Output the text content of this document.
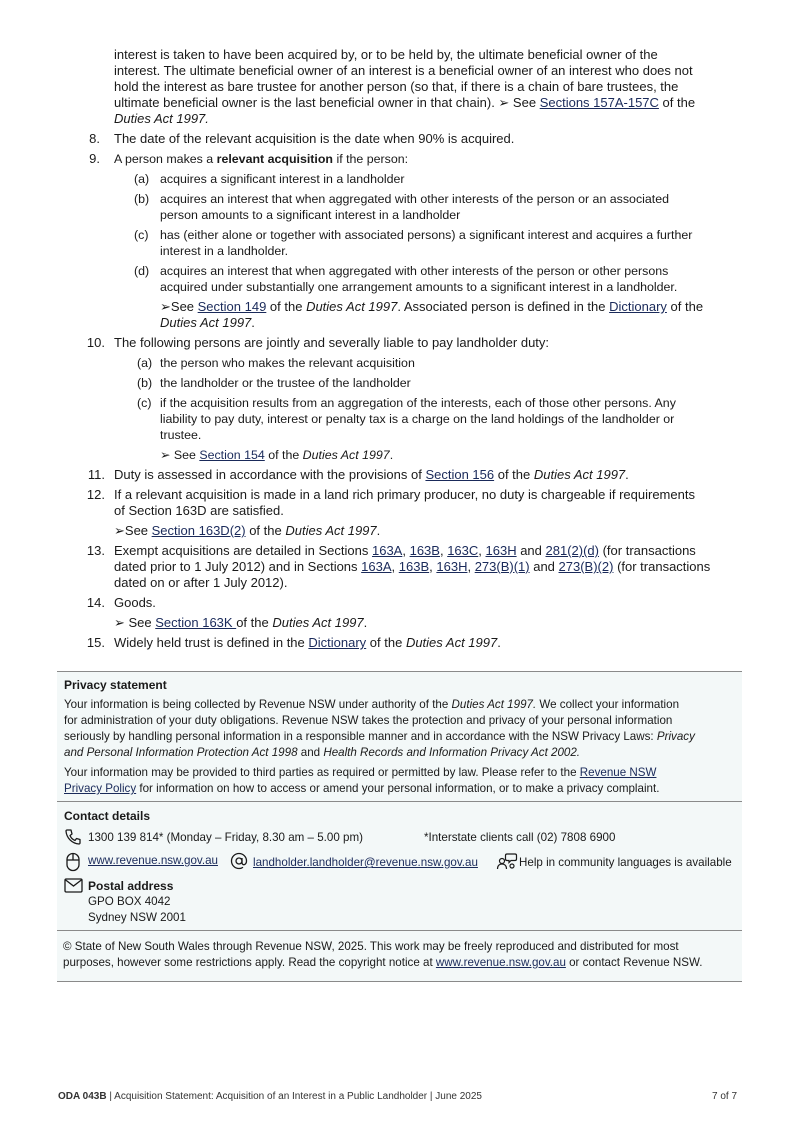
interest is taken to have been acquired by, or to be held by, the ultimate beneficial owner of the
interest. The ultimate beneficial owner of an interest is a beneficial owner of an interest who does not
hold the interest as bare trustee for another person (so that, if there is a chain of bare trustees, the
ultimate beneficial owner is the last beneficial owner in that chain). ➢ See Sections 157A-157C of the
Duties Act 1997.
8. The date of the relevant acquisition is the date when 90% is acquired.
9. A person makes a relevant acquisition if the person:
(a) acquires a significant interest in a landholder
(b) acquires an interest that when aggregated with other interests of the person or an associated
person amounts to a significant interest in a landholder
(c) has (either alone or together with associated persons) a significant interest and acquires a further
interest in a landholder.
(d) acquires an interest that when aggregated with other interests of the person or other persons
acquired under substantially one arrangement amounts to a significant interest in a landholder.
➢See Section 149 of the Duties Act 1997. Associated person is defined in the Dictionary of the
Duties Act 1997.
10. The following persons are jointly and severally liable to pay landholder duty:
(a) the person who makes the relevant acquisition
(b) the landholder or the trustee of the landholder
(c) if the acquisition results from an aggregation of the interests, each of those other persons. Any
liability to pay duty, interest or penalty tax is a charge on the land holdings of the landholder or
trustee.
➢ See Section 154 of the Duties Act 1997.
11. Duty is assessed in accordance with the provisions of Section 156 of the Duties Act 1997.
12. If a relevant acquisition is made in a land rich primary producer, no duty is chargeable if requirements
of Section 163D are satisfied.
➢See Section 163D(2) of the Duties Act 1997.
13. Exempt acquisitions are detailed in Sections 163A, 163B, 163C, 163H and 281(2)(d) (for transactions
dated prior to 1 July 2012) and in Sections 163A, 163B, 163H, 273(B)(1) and 273(B)(2) (for transactions
dated on or after 1 July 2012).
14. Goods.
➢ See Section 163K of the Duties Act 1997.
15. Widely held trust is defined in the Dictionary of the Duties Act 1997.
Privacy statement
Your information is being collected by Revenue NSW under authority of the Duties Act 1997. We collect your information
for administration of your duty obligations. Revenue NSW takes the protection and privacy of your personal information
seriously by handling personal information in a responsible manner and in accordance with the NSW Privacy Laws: Privacy
and Personal Information Protection Act 1998 and Health Records and Information Privacy Act 2002.
Your information may be provided to third parties as required or permitted by law. Please refer to the Revenue NSW
Privacy Policy for information on how to access or amend your personal information, or to make a privacy complaint.
Contact details
1300 139 814* (Monday – Friday, 8.30 am – 5.00 pm)	*Interstate clients call (02) 7808 6900
www.revenue.nsw.gov.au	landholder.landholder@revenue.nsw.gov.au	Help in community languages is available
Postal address
GPO BOX 4042
Sydney NSW 2001
© State of New South Wales through Revenue NSW, 2025. This work may be freely reproduced and distributed for most
purposes, however some restrictions apply. Read the copyright notice at www.revenue.nsw.gov.au or contact Revenue NSW.
ODA 043B | Acquisition Statement: Acquisition of an Interest in a Public Landholder | June 2025	7 of 7
